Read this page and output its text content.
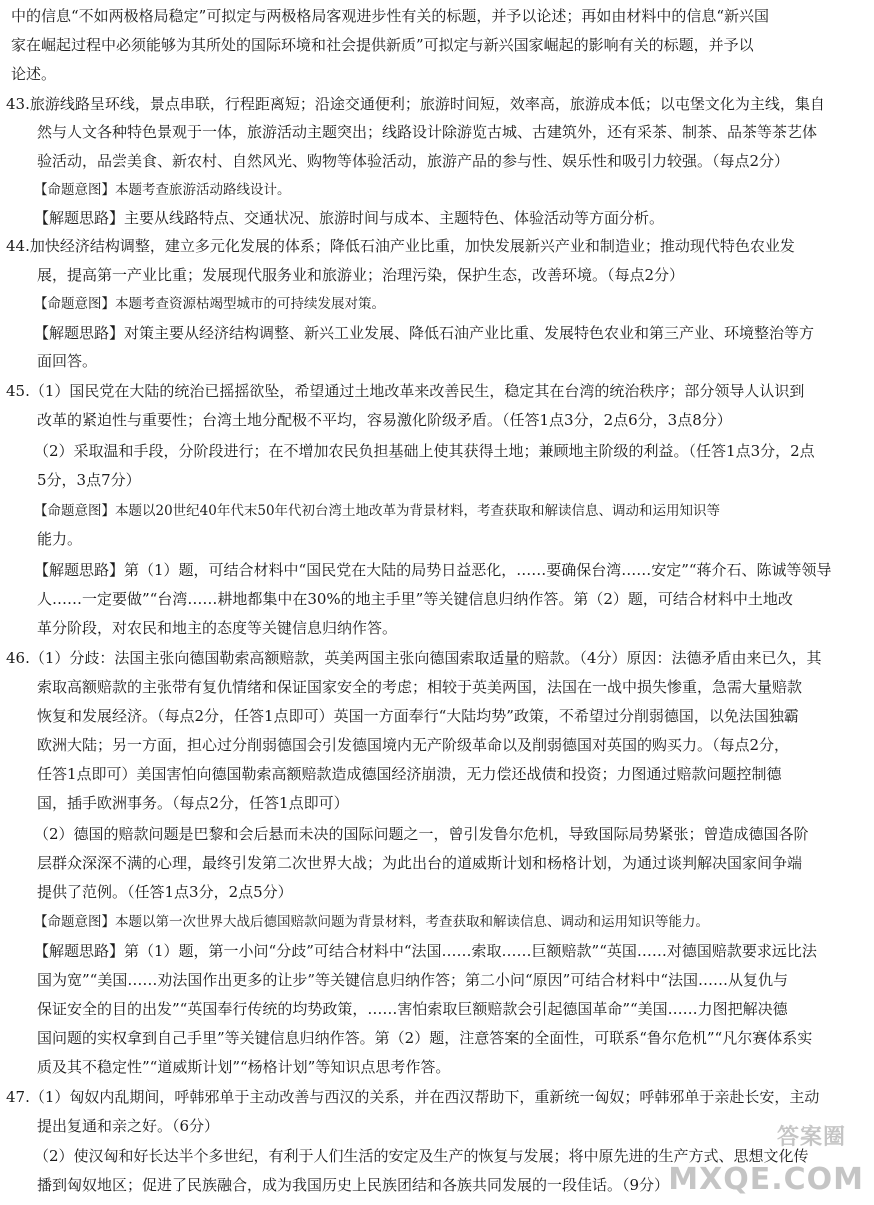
中的信息“不如两极格局稳定”可拟定与两极格局客观进步性有关的标题，并予以论述；再如由材料中的信息“新兴国
家在崛起过程中必须能够为其所处的国际环境和社会提供新质”可拟定与新兴国家崛起的影响有关的标题，并予以
论述。
43.旅游线路呈环线，景点串联，行程距离短；沿途交通便利；旅游时间短，效率高，旅游成本低；以屯堡文化为主线，集自
然与人文各种特色景观于一体，旅游活动主题突出；线路设计除游览古城、古建筑外，还有采茶、制茶、品茶等茶艺体
验活动，品尝美食、新农村、自然风光、购物等体验活动，旅游产品的参与性、娱乐性和吸引力较强。（每点2分）
【命题意图】本题考查旅游活动路线设计。
【解题思路】主要从线路特点、交通状况、旅游时间与成本、主题特色、体验活动等方面分析。
44.加快经济结构调整，建立多元化发展的体系；降低石油产业比重，加快发展新兴产业和制造业；推动现代特色农业发
展，提高第一产业比重；发展现代服务业和旅游业；治理污染，保护生态，改善环境。（每点2分）
【命题意图】本题考查资源枯竭型城市的可持续发展对策。
【解题思路】对策主要从经济结构调整、新兴工业发展、降低石油产业比重、发展特色农业和第三产业、环境整治等方
面回答。
45.（1）国民党在大陆的统治已摇摇欲坠，希望通过土地改革来改善民生，稳定其在台湾的统治秩序；部分领导人认识到
改革的紧迫性与重要性；台湾土地分配极不平均，容易激化阶级矛盾。（任答1点3分，2点6分，3点8分）
（2）采取温和手段，分阶段进行；在不增加农民负担基础上使其获得土地；兼顾地主阶级的利益。（任答1点3分，2点
5分，3点7分）
【命题意图】本题以20世纪40年代末50年代初台湾土地改革为背景材料，考查获取和解读信息、调动和运用知识等
能力。
【解题思路】第（1）题，可结合材料中“国民党在大陆的局势日益恶化，……要确保台湾……安定”“蒋介石、陈诚等领导
人……一定要做”“台湾……耕地都集中在30%的地主手里”等关键信息归纳作答。第（2）题，可结合材料中土地改
革分阶段，对农民和地主的态度等关键信息归纳作答。
46.（1）分歧：法国主张向德国勒索高额赔款，英美两国主张向德国索取适量的赔款。（4分）原因：法德矛盾由来已久，其
索取高额赔款的主张带有复仇情绪和保证国家安全的考虑；相较于英美两国，法国在一战中损失惨重，急需大量赔款
恢复和发展经济。（每点2分，任答1点即可）英国一方面奉行“大陆均势”政策，不希望过分削弱德国，以免法国独霸
欧洲大陆；另一方面，担心过分削弱德国会引发德国境内无产阶级革命以及削弱德国对英国的购买力。（每点2分，
任答1点即可）美国害怕向德国勒索高额赔款造成德国经济崩溃，无力偿还战债和投资；力图通过赔款问题控制德
国，插手欧洲事务。（每点2分，任答1点即可）
（2）德国的赔款问题是巴黎和会后悬而未决的国际问题之一，曾引发鲁尔危机，导致国际局势紧张；曾造成德国各阶
层群众深深不满的心理，最终引发第二次世界大战；为此出台的道威斯计划和杨格计划，为通过谈判解决国家间争端
提供了范例。（任答1点3分，2点5分）
【命题意图】本题以第一次世界大战后德国赔款问题为背景材料，考查获取和解读信息、调动和运用知识等能力。
【解题思路】第（1）题，第一小问“分歧”可结合材料中“法国……索取……巨额赔款”“英国……对德国赔款要求远比法
国为宽”“美国……劝法国作出更多的让步”等关键信息归纳作答；第二小问“原因”可结合材料中“法国……从复仇与
保证安全的目的出发”“英国奉行传统的均势政策，……害怕索取巨额赔款会引起德国革命”“美国……力图把解决德
国问题的实权拿到自己手里”等关键信息归纳作答。第（2）题，注意答案的全面性，可联系“鲁尔危机”“凡尔赛体系实
质及其不稳定性”“道威斯计划”“杨格计划”等知识点思考作答。
47.（1）匈奴内乱期间，呼韩邪单于主动改善与西汉的关系，并在西汉帮助下，重新统一匈奴；呼韩邪单于亲赴长安，主动
提出复通和亲之好。（6分）
（2）使汉匈和好长达半个多世纪，有利于人们生活的安定及生产的恢复与发展；将中原先进的生产方式、思想文化传
播到匈奴地区；促进了民族融合，成为我国历史上民族团结和各族共同发展的一段佳话。（9分）
答案圈
MXQE.COM
